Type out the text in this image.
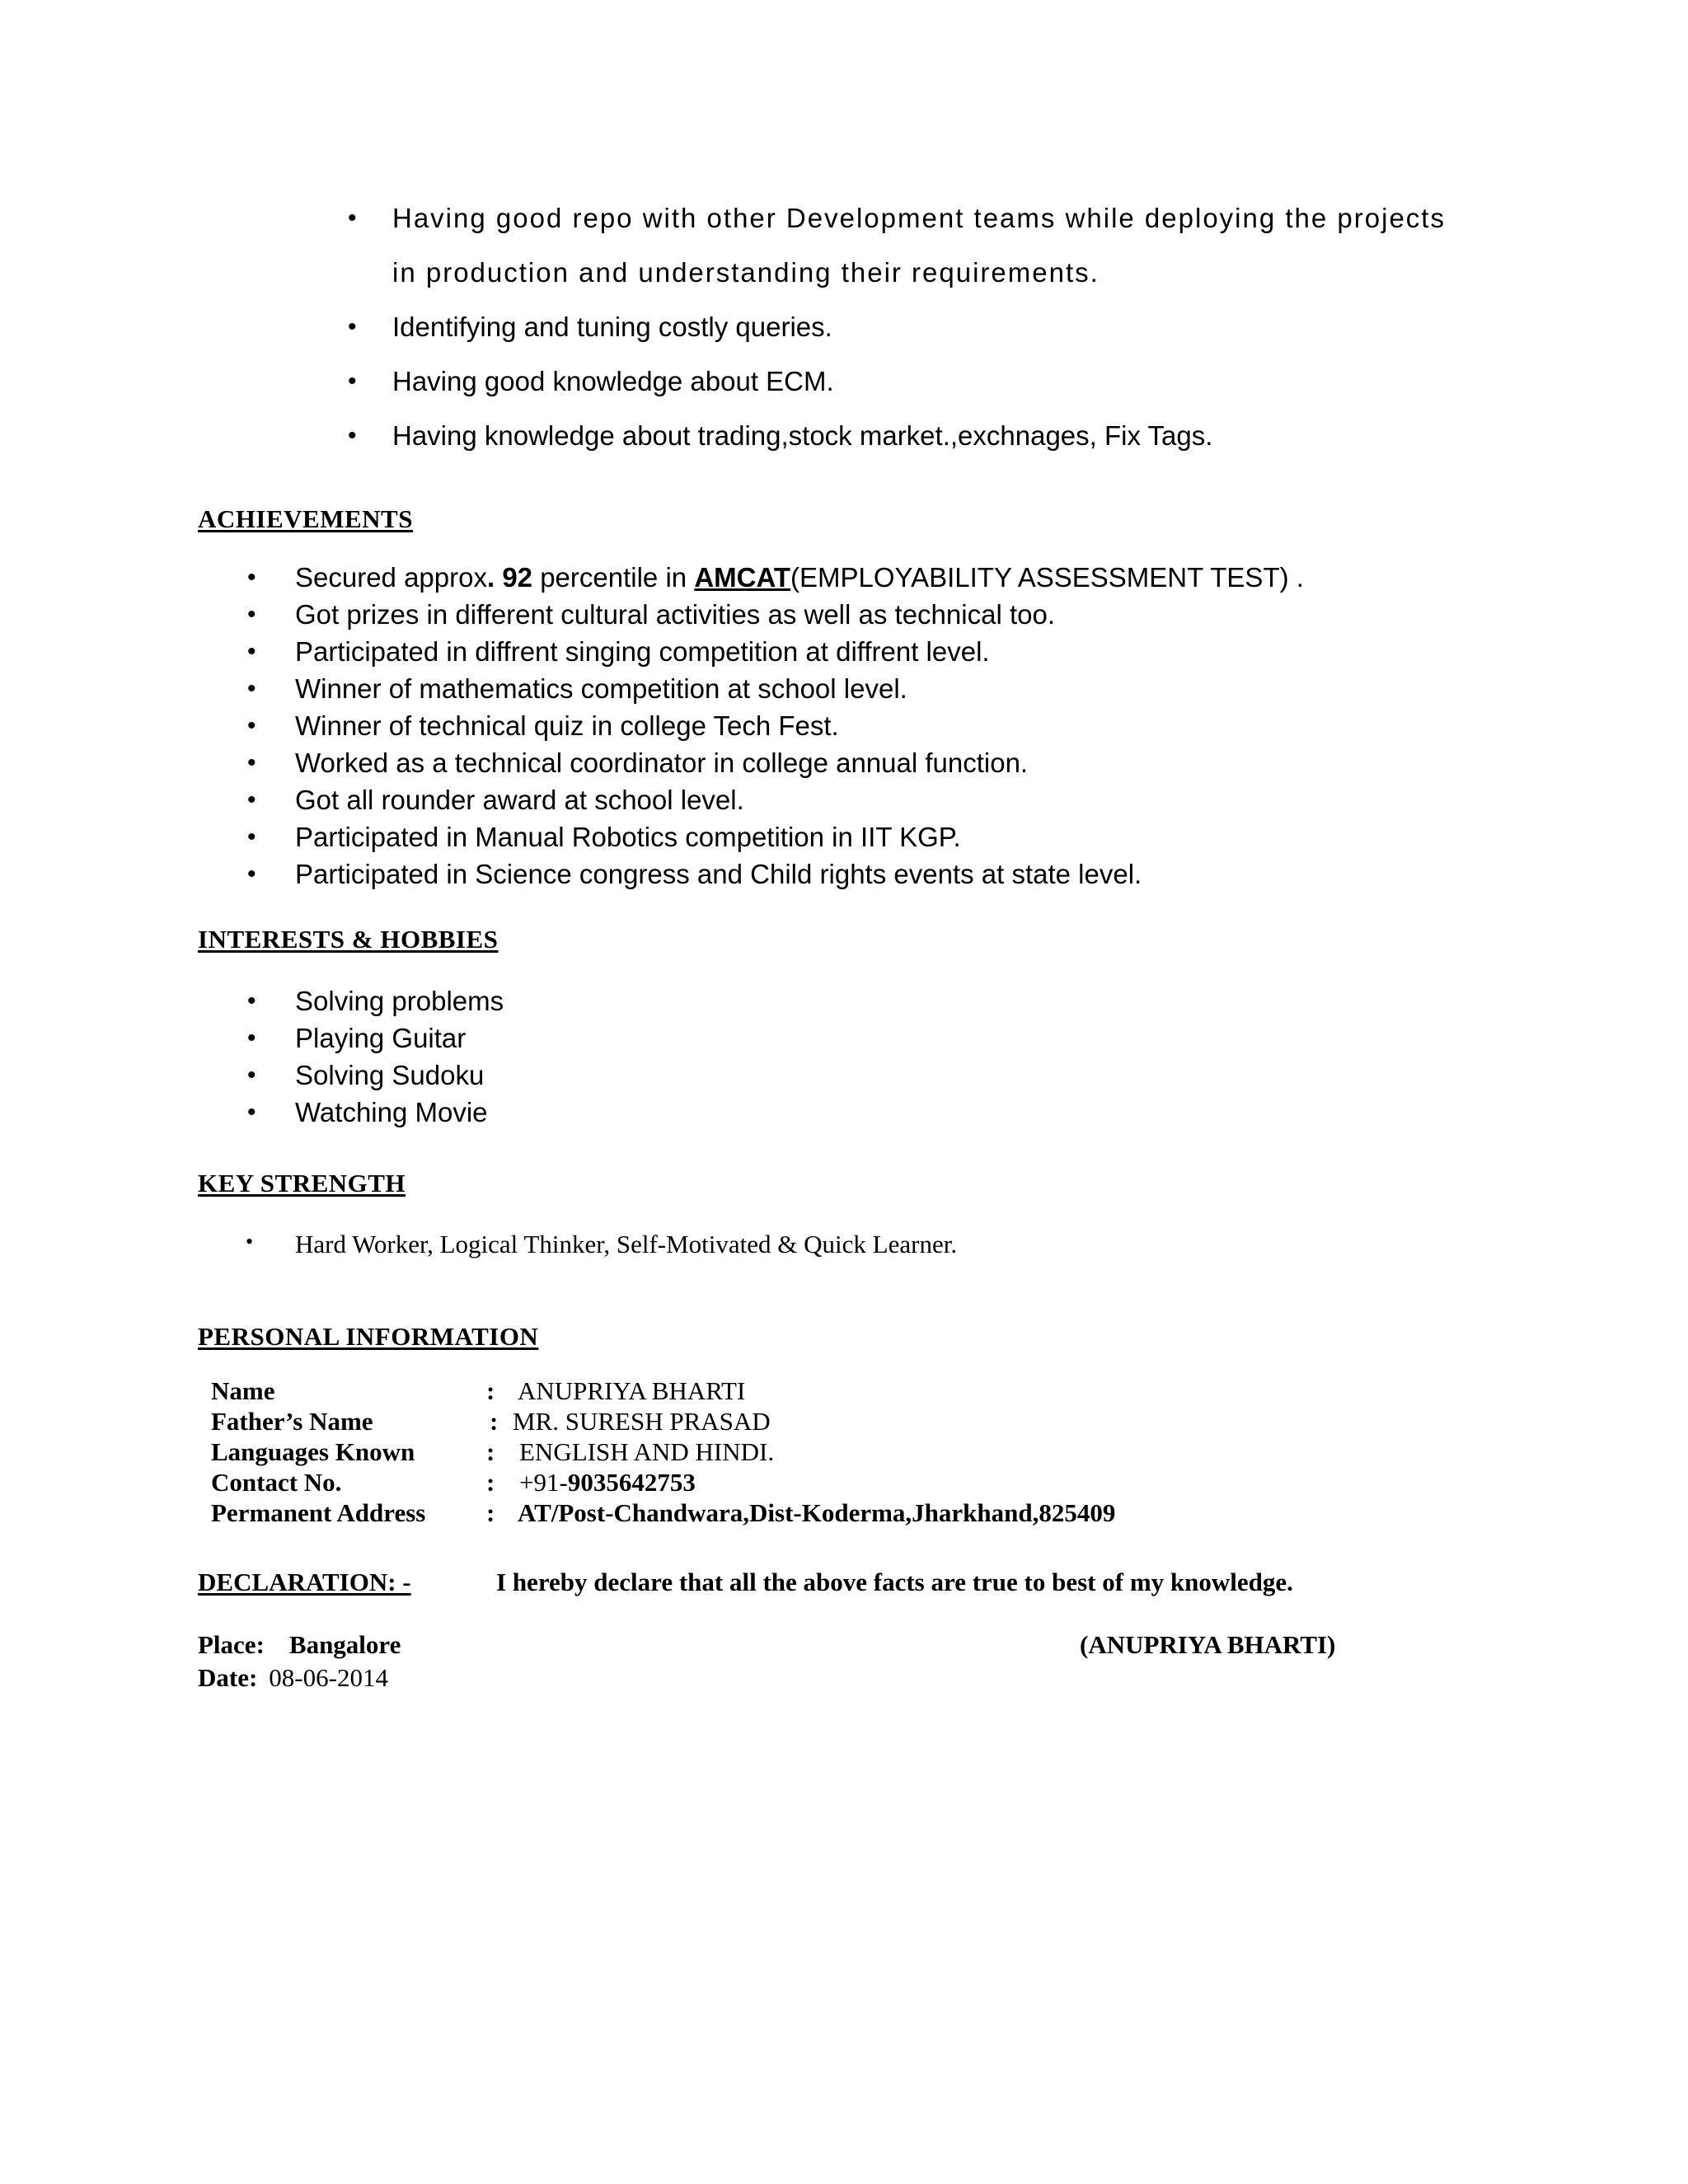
• Having good repo with other Development teams while deploying the projects
in production and understanding their requirements.
• Identifying and tuning costly queries.
• Having good knowledge about ECM.
• Having knowledge about trading,stock market.,exchnages, Fix Tags.
ACHIEVEMENTS
• Secured approx. 92 percentile in AMCAT(EMPLOYABILITY ASSESSMENT TEST) .
• Got prizes in different cultural activities as well as technical too.
• Participated in diffrent singing competition at diffrent level.
• Winner of mathematics competition at school level.
• Winner of technical quiz in college Tech Fest.
• Worked as a technical coordinator in college annual function.
• Got all rounder award at school level.
• Participated in Manual Robotics competition in IIT KGP.
• Participated in Science congress and Child rights events at state level.
INTERESTS & HOBBIES
• Solving problems
• Playing Guitar
• Solving Sudoku
• Watching Movie
KEY STRENGTH
• Hard Worker, Logical Thinker, Self-Motivated & Quick Learner.
PERSONAL INFORMATION
Name	: ANUPRIYA BHARTI
Father’s Name	: MR. SURESH PRASAD
Languages Known	: ENGLISH AND HINDI.
Contact No.	: +91-9035642753
Permanent Address : AT/Post-Chandwara,Dist-Koderma,Jharkhand,825409
DECLARATION: -	I hereby declare that all the above facts are true to best of my knowledge.
Place: Bangalore
Date: 08-06-2014
(ANUPRIYA BHARTI)
